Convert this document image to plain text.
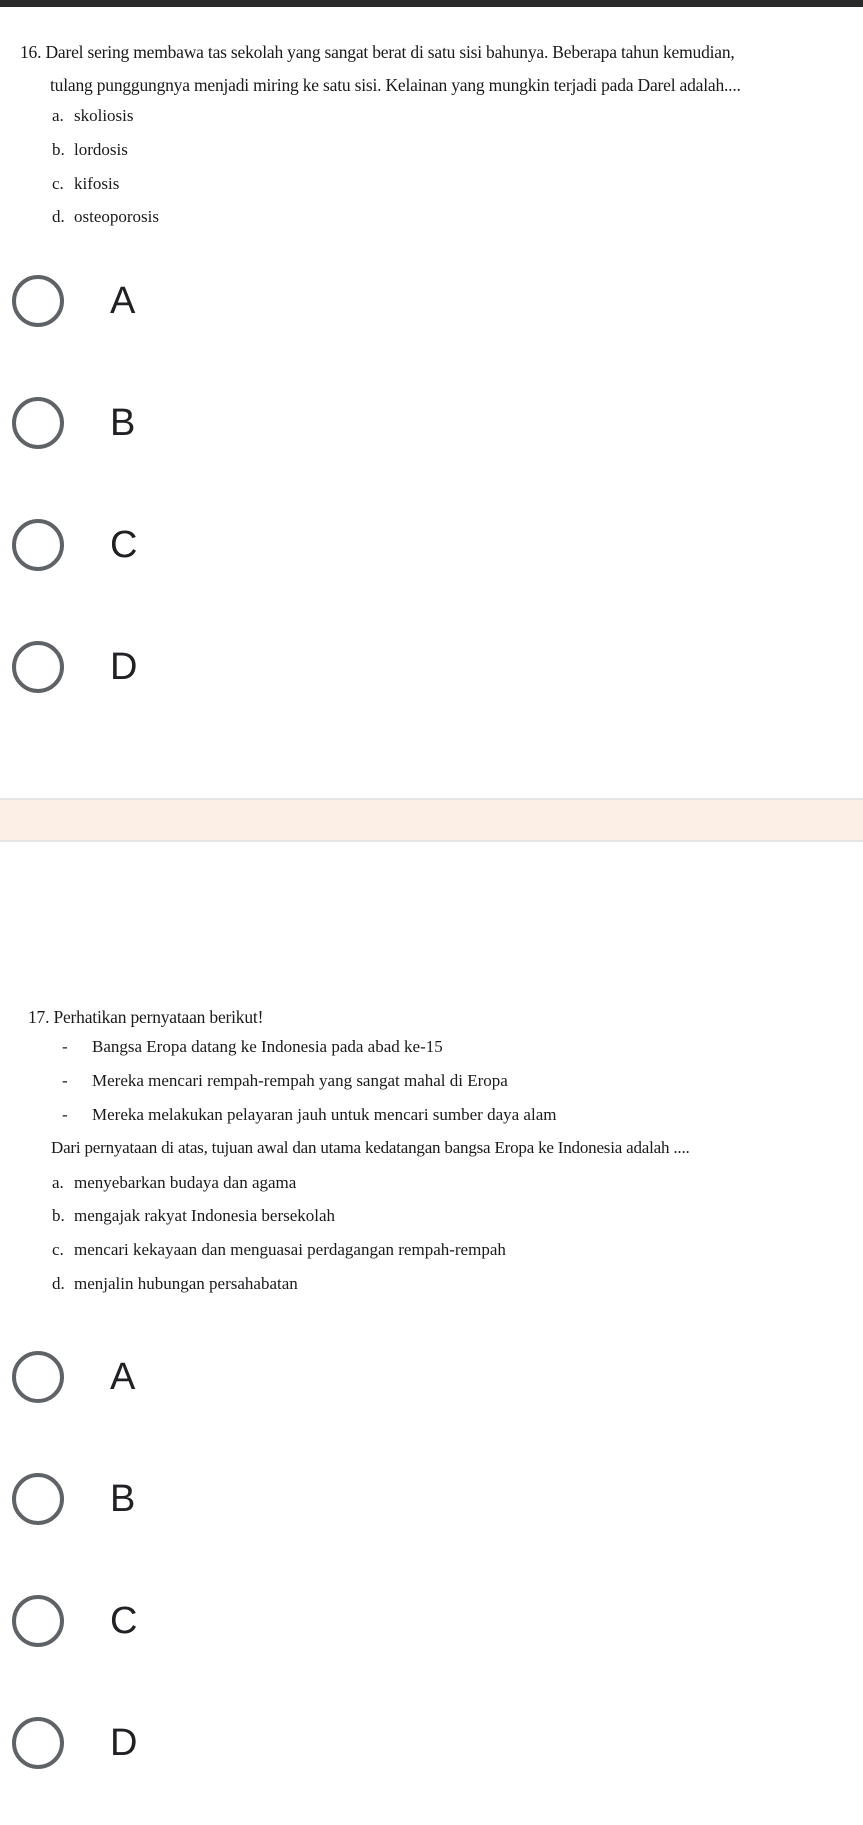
16. Darel sering membawa tas sekolah yang sangat berat di satu sisi bahunya. Beberapa tahun kemudian,
tulang punggungnya menjadi miring ke satu sisi. Kelainan yang mungkin terjadi pada Darel adalah....
a. skoliosis
b. lordosis
c. kifosis
d. osteoporosis
A
B
C
D
17. Perhatikan pernyataan berikut!
- Bangsa Eropa datang ke Indonesia pada abad ke-15
- Mereka mencari rempah-rempah yang sangat mahal di Eropa
- Mereka melakukan pelayaran jauh untuk mencari sumber daya alam
Dari pernyataan di atas, tujuan awal dan utama kedatangan bangsa Eropa ke Indonesia adalah ....
a. menyebarkan budaya dan agama
b. mengajak rakyat Indonesia bersekolah
c. mencari kekayaan dan menguasai perdagangan rempah-rempah
d. menjalin hubungan persahabatan
A
B
C
D
